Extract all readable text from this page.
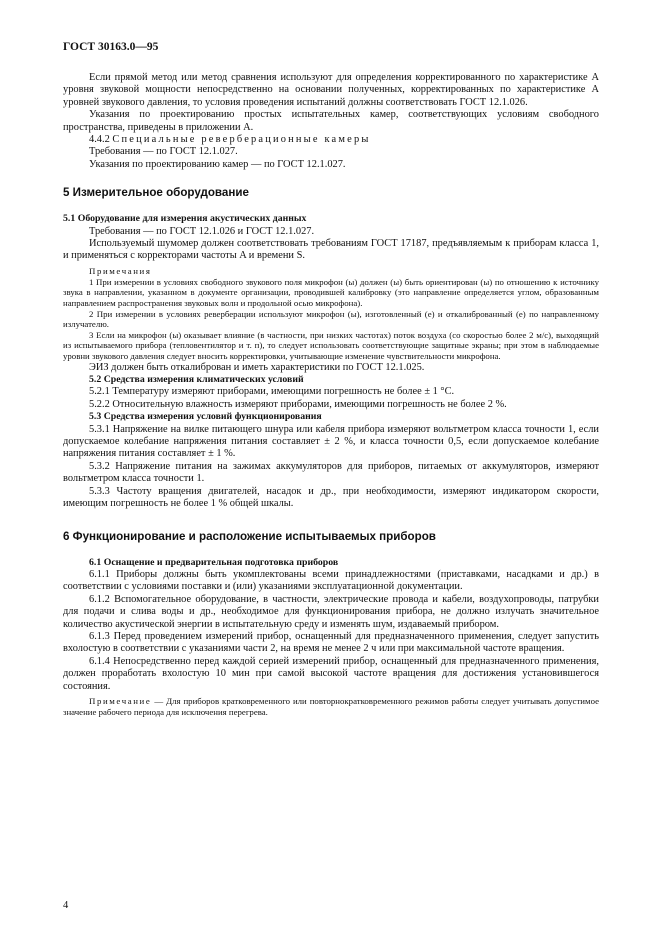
ГОСТ 30163.0—95

Если прямой метод или метод сравнения используют для определения корректированного по характеристике А уровня звуковой мощности непосредственно на основании полученных, корректированных по характеристике А уровней звукового давления, то условия проведения испытаний должны соответствовать ГОСТ 12.1.026.

Указания по проектированию простых испытательных камер, соответствующих условиям свободного пространства, приведены в приложении А.

4.4.2 Специальные реверберационные камеры

Требования — по ГОСТ 12.1.027.

Указания по проектированию камер — по ГОСТ 12.1.027.

5 Измерительное оборудование

5.1 Оборудование для измерения акустических данных

Требования — по ГОСТ 12.1.026 и ГОСТ 12.1.027.

Используемый шумомер должен соответствовать требованиям ГОСТ 17187, предъявляемым к приборам класса 1, и применяться с корректорами частоты A и времени S.

Примечания

1 При измерении в условиях свободного звукового поля микрофон (ы) должен (ы) быть ориентирован (ы) по отношению к источнику звука в направлении, указанном в документе организации, проводившей калибровку (это направление определяется углом, образованным направлением распространения звуковых волн и продольной осью микрофона).

2 При измерении в условиях реверберации используют микрофон (ы), изготовленный (е) и откалиброванный (е) по направленному излучателю.

3 Если на микрофон (ы) оказывает влияние (в частности, при низких частотах) поток воздуха (со скоростью более 2 м/с), выходящий из испытываемого прибора (тепловентилятор и т. п), то следует использовать соответствующие защитные экраны; при этом в наблюдаемые уровни звукового давления следует вносить корректировки, учитывающие изменение чувствительности микрофона.

ЭИЗ должен быть откалиброван и иметь характеристики по ГОСТ 12.1.025.

5.2 Средства измерения климатических условий

5.2.1 Температуру измеряют приборами, имеющими погрешность не более ± 1 °С.

5.2.2 Относительную влажность измеряют приборами, имеющими погрешность не более 2 %.

5.3 Средства измерения условий функционирования

5.3.1 Напряжение на вилке питающего шнура или кабеля прибора измеряют вольтметром класса точности 1, если допускаемое колебание напряжения питания составляет ± 2 %, и класса точности 0,5, если допускаемое колебание напряжения питания составляет ± 1 %.

5.3.2 Напряжение питания на зажимах аккумуляторов для приборов, питаемых от аккумуляторов, измеряют вольтметром класса точности 1.

5.3.3 Частоту вращения двигателей, насадок и др., при необходимости, измеряют индикатором скорости, имеющим погрешность не более 1 % общей шкалы.

6 Функционирование и расположение испытываемых приборов

6.1 Оснащение и предварительная подготовка приборов

6.1.1 Приборы должны быть укомплектованы всеми принадлежностями (приставками, насадками и др.) в соответствии с условиями поставки и (или) указаниями эксплуатационной документации.

6.1.2 Вспомогательное оборудование, в частности, электрические провода и кабели, воздухопроводы, патрубки для подачи и слива воды и др., необходимое для функционирования прибора, не должно излучать значительное количество акустической энергии в испытательную среду и изменять шум, издаваемый прибором.

6.1.3 Перед проведением измерений прибор, оснащенный для предназначенного применения, следует запустить вхолостую в соответствии с указаниями части 2, на время не менее 2 ч или при максимальной частоте вращения.

6.1.4 Непосредственно перед каждой серией измерений прибор, оснащенный для предназначенного применения, должен проработать вхолостую 10 мин при самой высокой частоте вращения для достижения установившегося состояния.

Примечание — Для приборов кратковременного или повторнократковременного режимов работы следует учитывать допустимое значение рабочего периода для исключения перегрева.

4
